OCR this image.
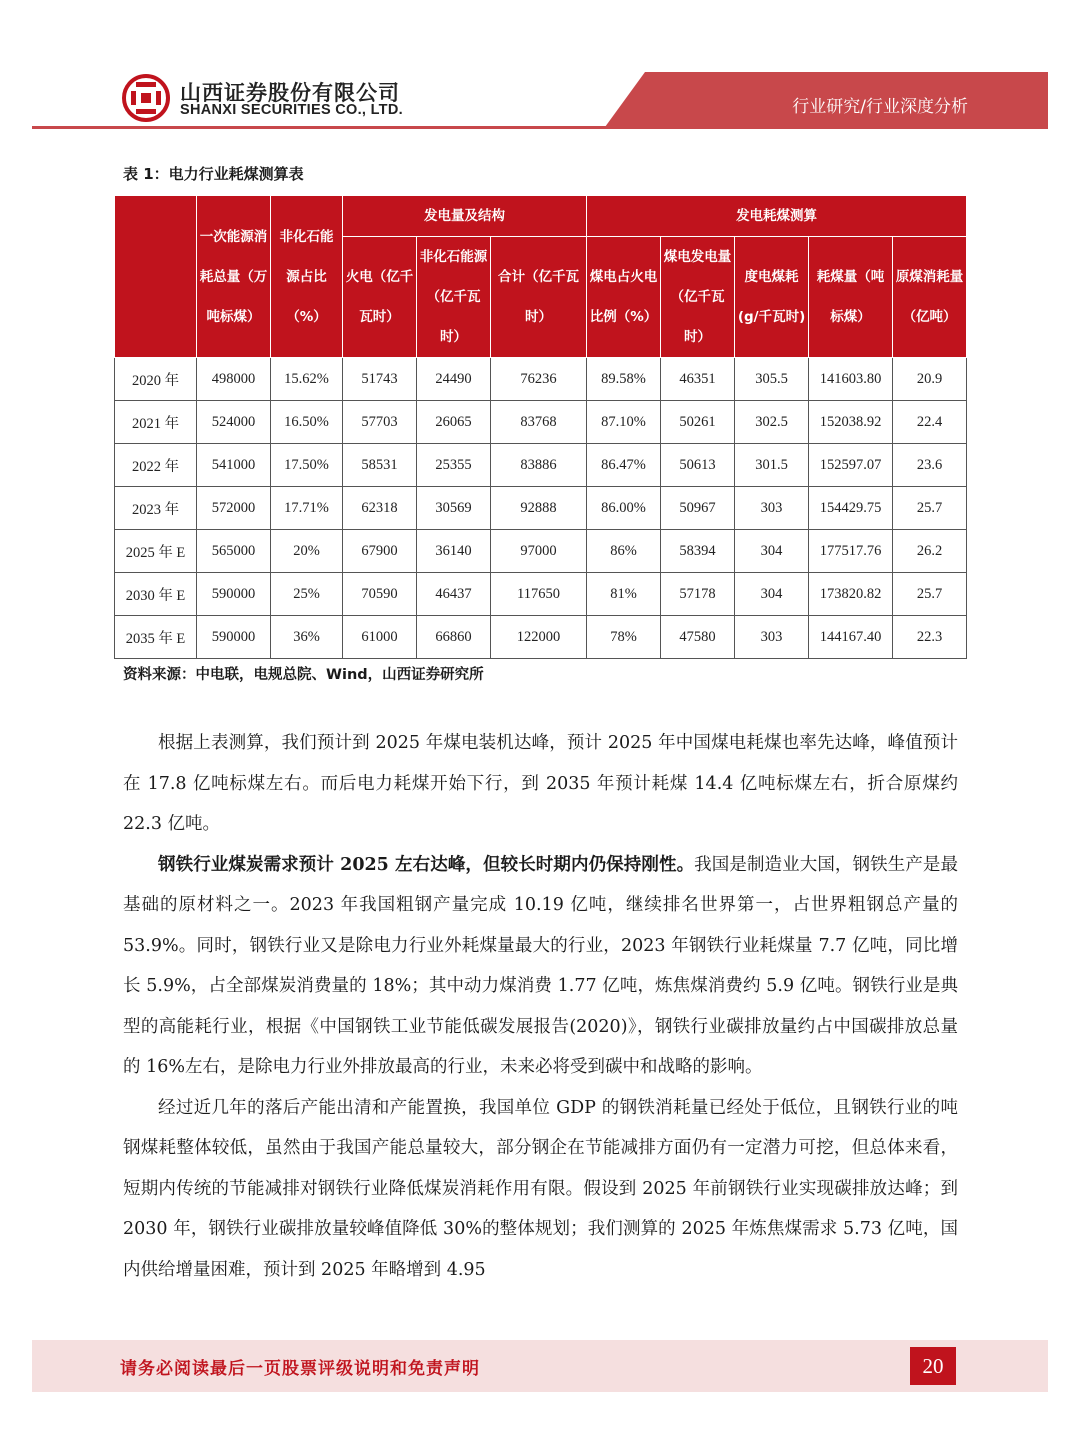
山西证券股份有限公司
SHANXI SECURITIES CO., LTD.	行业研究/行业深度分析
表 1：电力行业耗煤测算表
	一次能源消耗总量（万吨标煤）	非化石能源占比（%）	发电量及结构			发电耗煤测算				
			火电（亿千瓦时）	非化石能源（亿千瓦时）	合计（亿千瓦时）	煤电占火电比例（%）	煤电发电量（亿千瓦时）	度电煤耗(g/千瓦时)	耗煤量（吨标煤）	原煤消耗量（亿吨）

2020 年	498000	15.62%	51743	24490	76236	89.58%	46351	305.5	141603.80	20.9
2021 年	524000	16.50%	57703	26065	83768	87.10%	50261	302.5	152038.92	22.4
2022 年	541000	17.50%	58531	25355	83886	86.47%	50613	301.5	152597.07	23.6
2023 年	572000	17.71%	62318	30569	92888	86.00%	50967	303	154429.75	25.7
2025 年 E	565000	20%	67900	36140	97000	86%	58394	304	177517.76	26.2
2030 年 E	590000	25%	70590	46437	117650	81%	57178	304	173820.82	25.7
2035 年 E	590000	36%	61000	66860	122000	78%	47580	303	144167.40	22.3
资料来源：中电联，电规总院、Wind，山西证券研究所

根据上表测算，我们预计到 2025 年煤电装机达峰，预计 2025 年中国煤电耗煤也率先达峰，峰值预计在 17.8 亿吨标煤左右。而后电力耗煤开始下行，到 2035 年预计耗煤 14.4 亿吨标煤左右，折合原煤约 22.3 亿吨。

钢铁行业煤炭需求预计 2025 左右达峰，但较长时期内仍保持刚性。我国是制造业大国，钢铁生产是最基础的原材料之一。2023 年我国粗钢产量完成 10.19 亿吨，继续排名世界第一，占世界粗钢总产量的 53.9%。同时，钢铁行业又是除电力行业外耗煤量最大的行业，2023 年钢铁行业耗煤量 7.7 亿吨，同比增长 5.9%，占全部煤炭消费量的 18%；其中动力煤消费 1.77 亿吨，炼焦煤消费约 5.9 亿吨。钢铁行业是典型的高能耗行业，根据《中国钢铁工业节能低碳发展报告(2020)》，钢铁行业碳排放量约占中国碳排放总量的 16%左右，是除电力行业外排放最高的行业，未来必将受到碳中和战略的影响。

经过近几年的落后产能出清和产能置换，我国单位 GDP 的钢铁消耗量已经处于低位，且钢铁行业的吨钢煤耗整体较低，虽然由于我国产能总量较大，部分钢企在节能减排方面仍有一定潜力可挖，但总体来看，短期内传统的节能减排对钢铁行业降低煤炭消耗作用有限。假设到 2025 年前钢铁行业实现碳排放达峰；到 2030 年，钢铁行业碳排放量较峰值降低 30%的整体规划；我们测算的 2025 年炼焦煤需求 5.73 亿吨，国内供给增量困难，预计到 2025 年略增到 4.95

请务必阅读最后一页股票评级说明和免责声明	20
